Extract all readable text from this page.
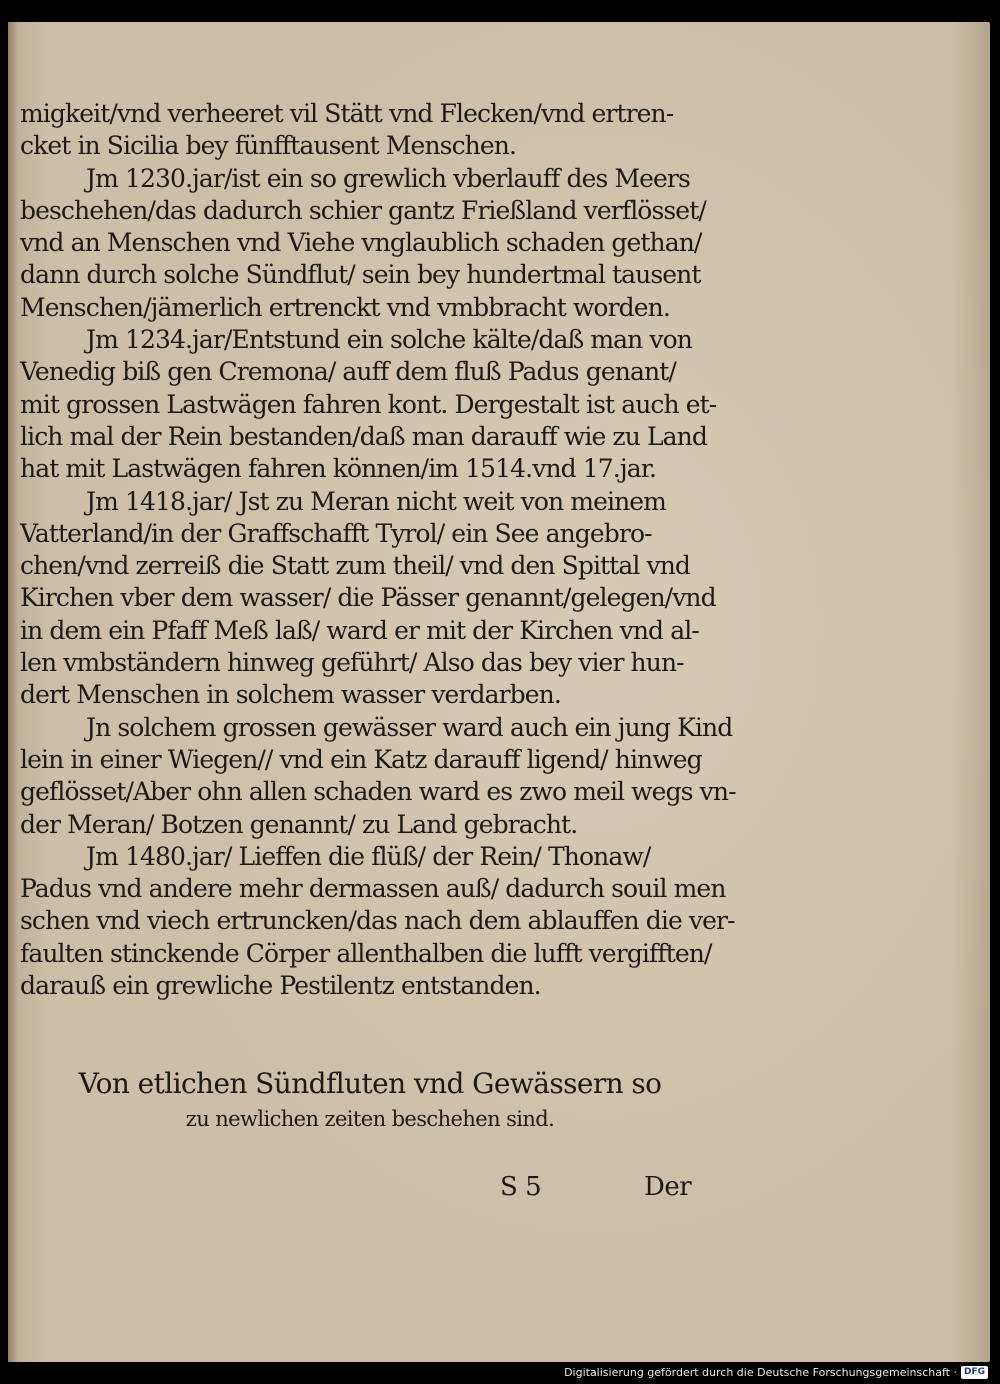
migkeit/vnd verheeret vil Stätt vnd Flecken/vnd ertren-
cket in Sicilia bey fünfftausent Menschen.
Jm 1230.jar/ist ein so grewlich vberlauff des Meers
beschehen/das dadurch schier gantz Frießland verflösset/
vnd an Menschen vnd Viehe vnglaublich schaden gethan/
dann durch solche Sündflut/ sein bey hundertmal tausent
Menschen/jämerlich ertrenckt vnd vmbbracht worden.
Jm 1234.jar/Entstund ein solche kälte/daß man von
Venedig biß gen Cremona/ auff dem fluß Padus genant/
mit grossen Lastwägen fahren kont. Dergestalt ist auch et-
lich mal der Rein bestanden/daß man darauff wie zu Land
hat mit Lastwägen fahren können/im 1514.vnd 17.jar.
Jm 1418.jar/ Jst zu Meran nicht weit von meinem
Vatterland/in der Graffschafft Tyrol/ ein See angebro-
chen/vnd zerreiß die Statt zum theil/ vnd den Spittal vnd
Kirchen vber dem wasser/ die Pässer genannt/gelegen/vnd
in dem ein Pfaff Meß laß/ ward er mit der Kirchen vnd al-
len vmbständern hinweg geführt/ Also das bey vier hun-
dert Menschen in solchem wasser verdarben.
Jn solchem grossen gewässer ward auch ein jung Kind
lein in einer Wiegen// vnd ein Katz darauff ligend/ hinweg
geflösset/Aber ohn allen schaden ward es zwo meil wegs vn-
der Meran/ Botzen genannt/ zu Land gebracht.
Jm 1480.jar/ Lieffen die flüß/ der Rein/ Thonaw/
Padus vnd andere mehr dermassen auß/ dadurch souil men
schen vnd viech ertruncken/das nach dem ablauffen die ver-
faulten stinckende Cörper allenthalben die lufft vergifften/
darauß ein grewliche Pestilentz entstanden.
Von etlichen Sündfluten vnd Gewässern so
zu newlichen zeiten beschehen sind.
S 5	Der
Digitalisierung gefördert durch die Deutsche Forschungsgemeinschaft · DFG
